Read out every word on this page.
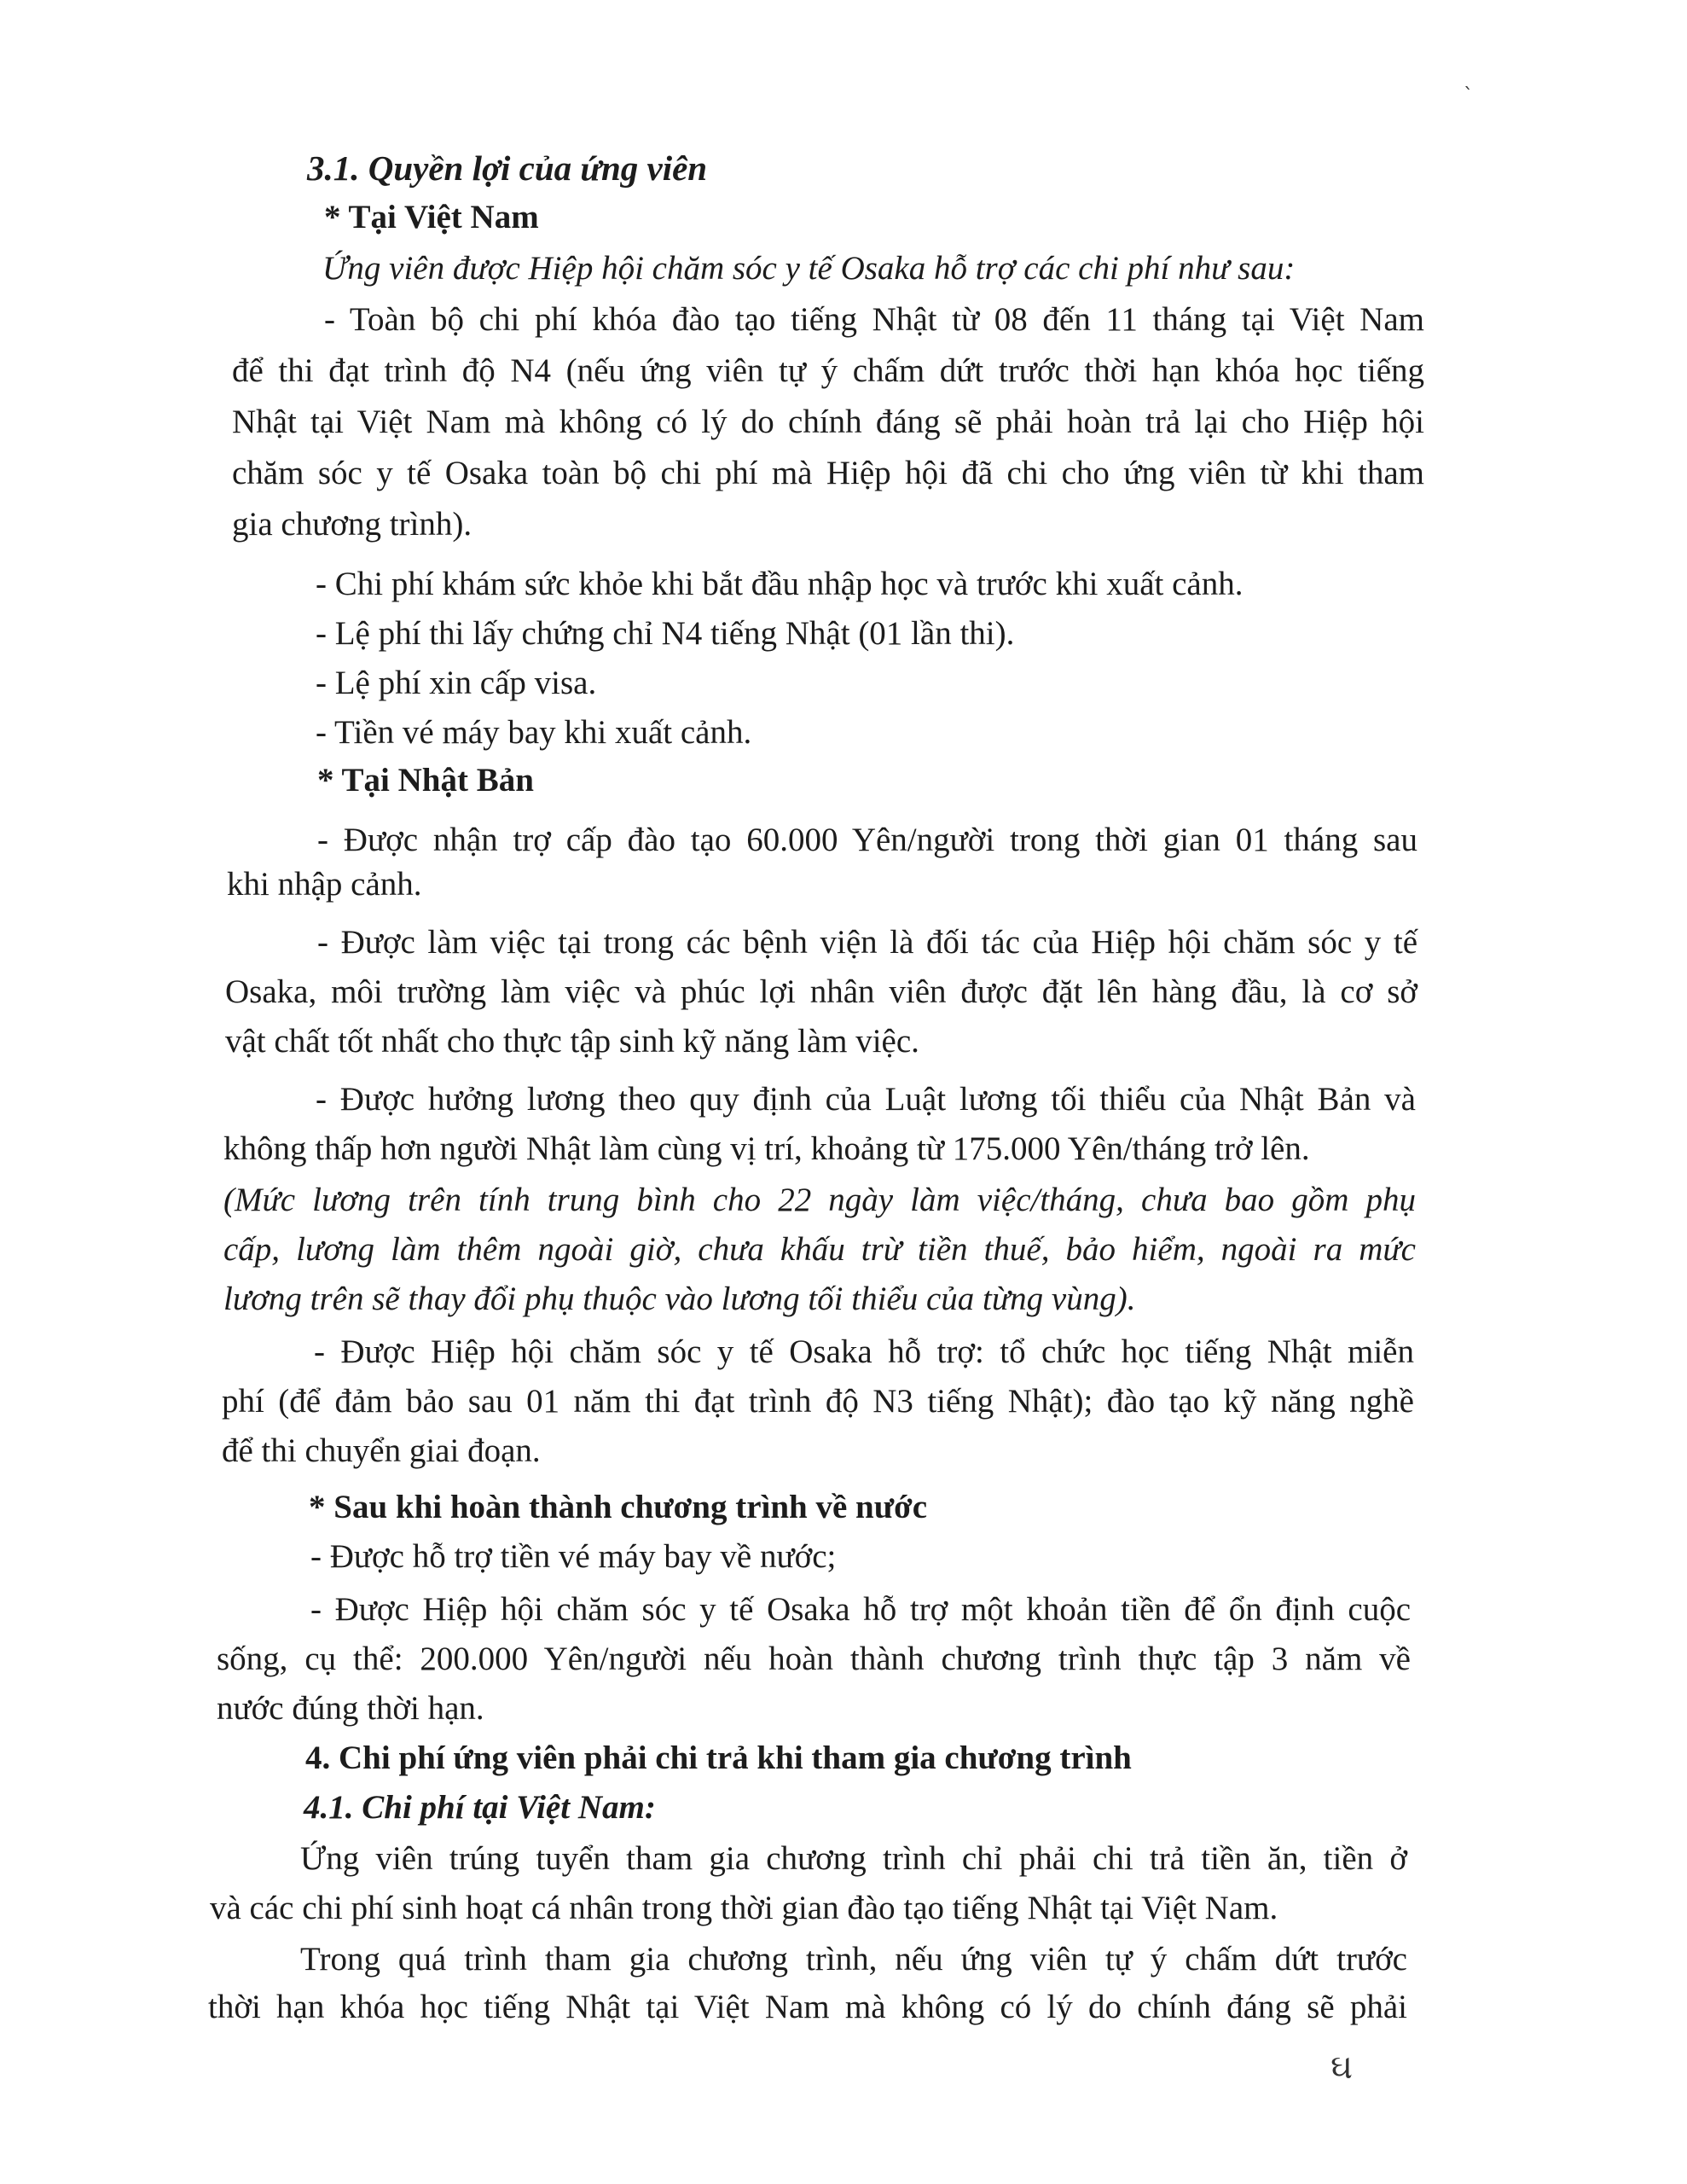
3.1. Quyền lợi của ứng viên
* Tại Việt Nam
Ứng viên được Hiệp hội chăm sóc y tế Osaka hỗ trợ các chi phí như sau:
- Toàn bộ chi phí khóa đào tạo tiếng Nhật từ 08 đến 11 tháng tại Việt Nam
để thi đạt trình độ N4 (nếu ứng viên tự ý chấm dứt trước thời hạn khóa học tiếng
Nhật tại Việt Nam mà không có lý do chính đáng sẽ phải hoàn trả lại cho Hiệp hội
chăm sóc y tế Osaka toàn bộ chi phí mà Hiệp hội đã chi cho ứng viên từ khi tham
gia chương trình).
- Chi phí khám sức khỏe khi bắt đầu nhập học và trước khi xuất cảnh.
- Lệ phí thi lấy chứng chỉ N4 tiếng Nhật (01 lần thi).
- Lệ phí xin cấp visa.
- Tiền vé máy bay khi xuất cảnh.
* Tại Nhật Bản
- Được nhận trợ cấp đào tạo 60.000 Yên/người trong thời gian 01 tháng sau
khi nhập cảnh.
- Được làm việc tại trong các bệnh viện là đối tác của Hiệp hội chăm sóc y tế
Osaka, môi trường làm việc và phúc lợi nhân viên được đặt lên hàng đầu, là cơ sở
vật chất tốt nhất cho thực tập sinh kỹ năng làm việc.
- Được hưởng lương theo quy định của Luật lương tối thiểu của Nhật Bản và
không thấp hơn người Nhật làm cùng vị trí, khoảng từ 175.000 Yên/tháng trở lên.
(Mức lương trên tính trung bình cho 22 ngày làm việc/tháng, chưa bao gồm phụ
cấp, lương làm thêm ngoài giờ, chưa khấu trừ tiền thuế, bảo hiểm, ngoài ra mức
lương trên sẽ thay đổi phụ thuộc vào lương tối thiểu của từng vùng).
- Được Hiệp hội chăm sóc y tế Osaka hỗ trợ: tổ chức học tiếng Nhật miễn
phí (để đảm bảo sau 01 năm thi đạt trình độ N3 tiếng Nhật); đào tạo kỹ năng nghề
để thi chuyển giai đoạn.
* Sau khi hoàn thành chương trình về nước
- Được hỗ trợ tiền vé máy bay về nước;
- Được Hiệp hội chăm sóc y tế Osaka hỗ trợ một khoản tiền để ổn định cuộc
sống, cụ thể: 200.000 Yên/người nếu hoàn thành chương trình thực tập 3 năm về
nước đúng thời hạn.
4. Chi phí ứng viên phải chi trả khi tham gia chương trình
4.1. Chi phí tại Việt Nam:
Ứng viên trúng tuyển tham gia chương trình chỉ phải chi trả tiền ăn, tiền ở
và các chi phí sinh hoạt cá nhân trong thời gian đào tạo tiếng Nhật tại Việt Nam.
Trong quá trình tham gia chương trình, nếu ứng viên tự ý chấm dứt trước
thời hạn khóa học tiếng Nhật tại Việt Nam mà không có lý do chính đáng sẽ phải
՝
ઘ
